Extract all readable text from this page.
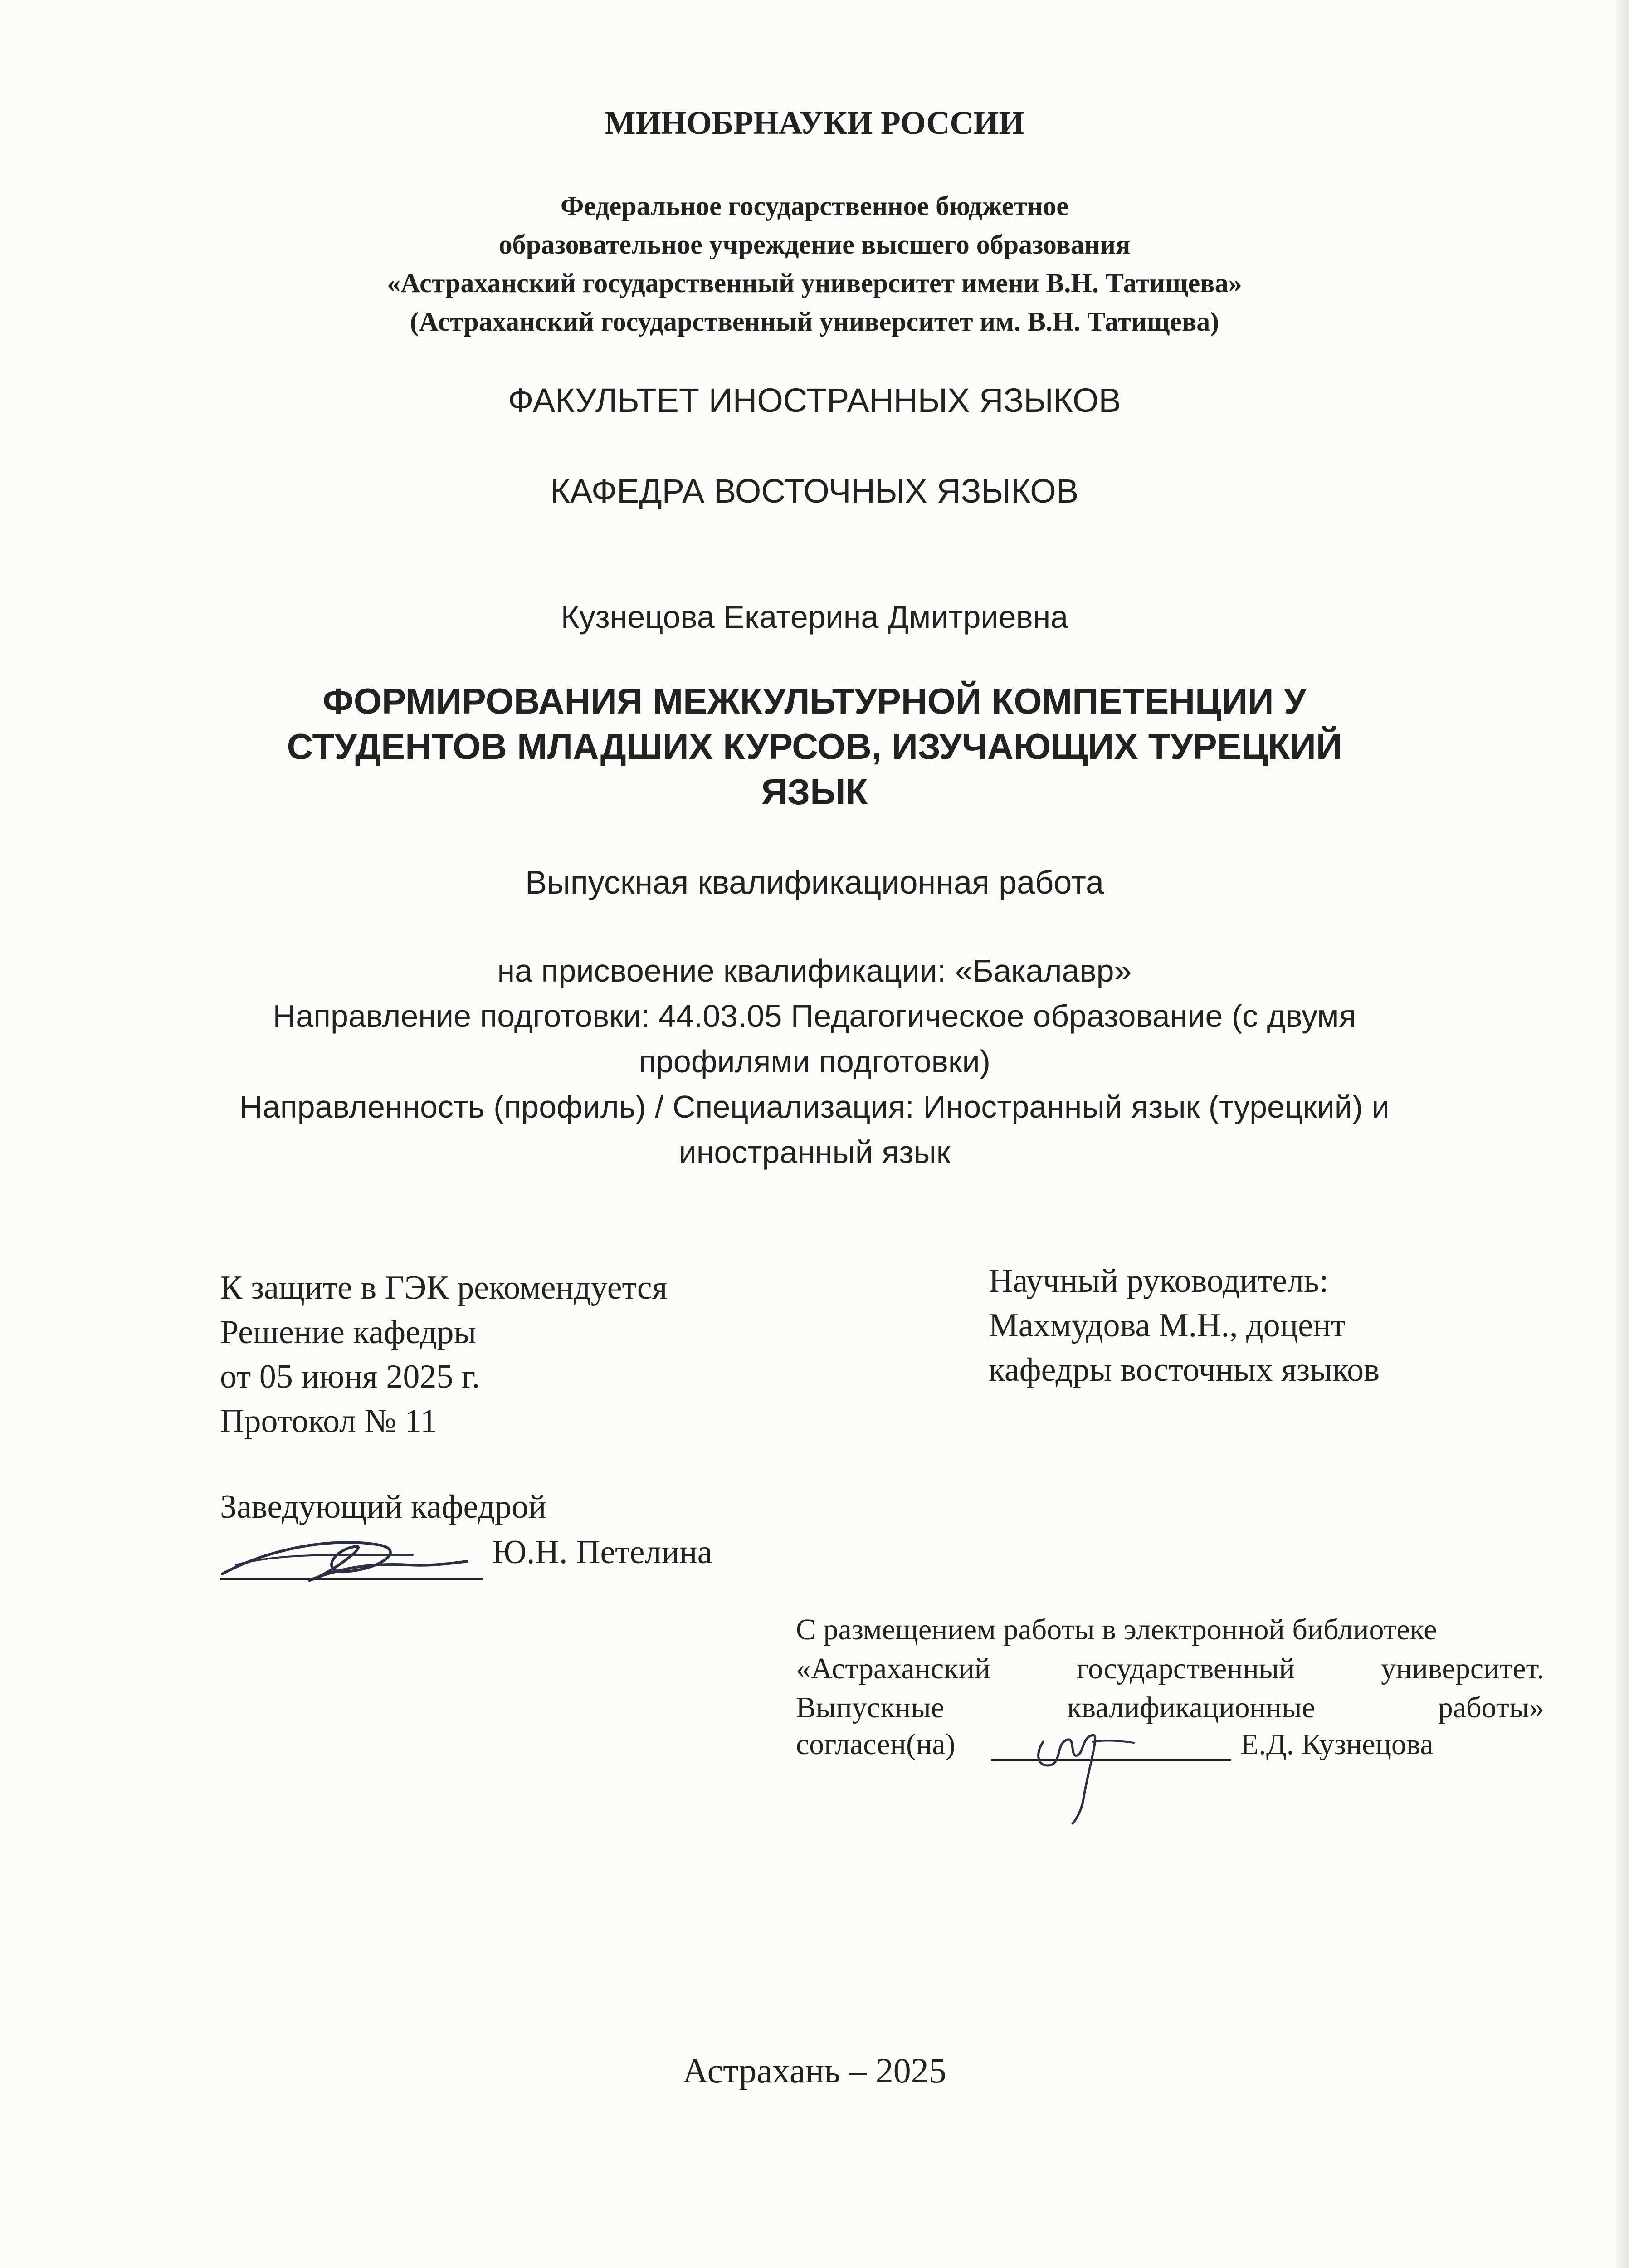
МИНОБРНАУКИ РОССИИ
Федеральное государственное бюджетное
образовательное учреждение высшего образования
«Астраханский государственный университет имени В.Н. Татищева»
(Астраханский государственный университет им. В.Н. Татищева)
ФАКУЛЬТЕТ ИНОСТРАННЫХ ЯЗЫКОВ
КАФЕДРА ВОСТОЧНЫХ ЯЗЫКОВ
Кузнецова Екатерина Дмитриевна
ФОРМИРОВАНИЯ МЕЖКУЛЬТУРНОЙ КОМПЕТЕНЦИИ У
СТУДЕНТОВ МЛАДШИХ КУРСОВ, ИЗУЧАЮЩИХ ТУРЕЦКИЙ
ЯЗЫК
Выпускная квалификационная работа
на присвоение квалификации: «Бакалавр»
Направление подготовки: 44.03.05 Педагогическое образование (с двумя
профилями подготовки)
Направленность (профиль) / Специализация: Иностранный язык (турецкий) и
иностранный язык
К защите в ГЭК рекомендуется
Решение кафедры
от 05 июня 2025 г.
Протокол № 11
Заведующий кафедрой
Ю.Н. Петелина
Научный руководитель:
Махмудова М.Н., доцент
кафедры восточных языков
С размещением работы в электронной библиотеке
«Астраханский государственный университет.
Выпускные квалификационные работы»
согласен(на)	Е.Д. Кузнецова
Астрахань – 2025
